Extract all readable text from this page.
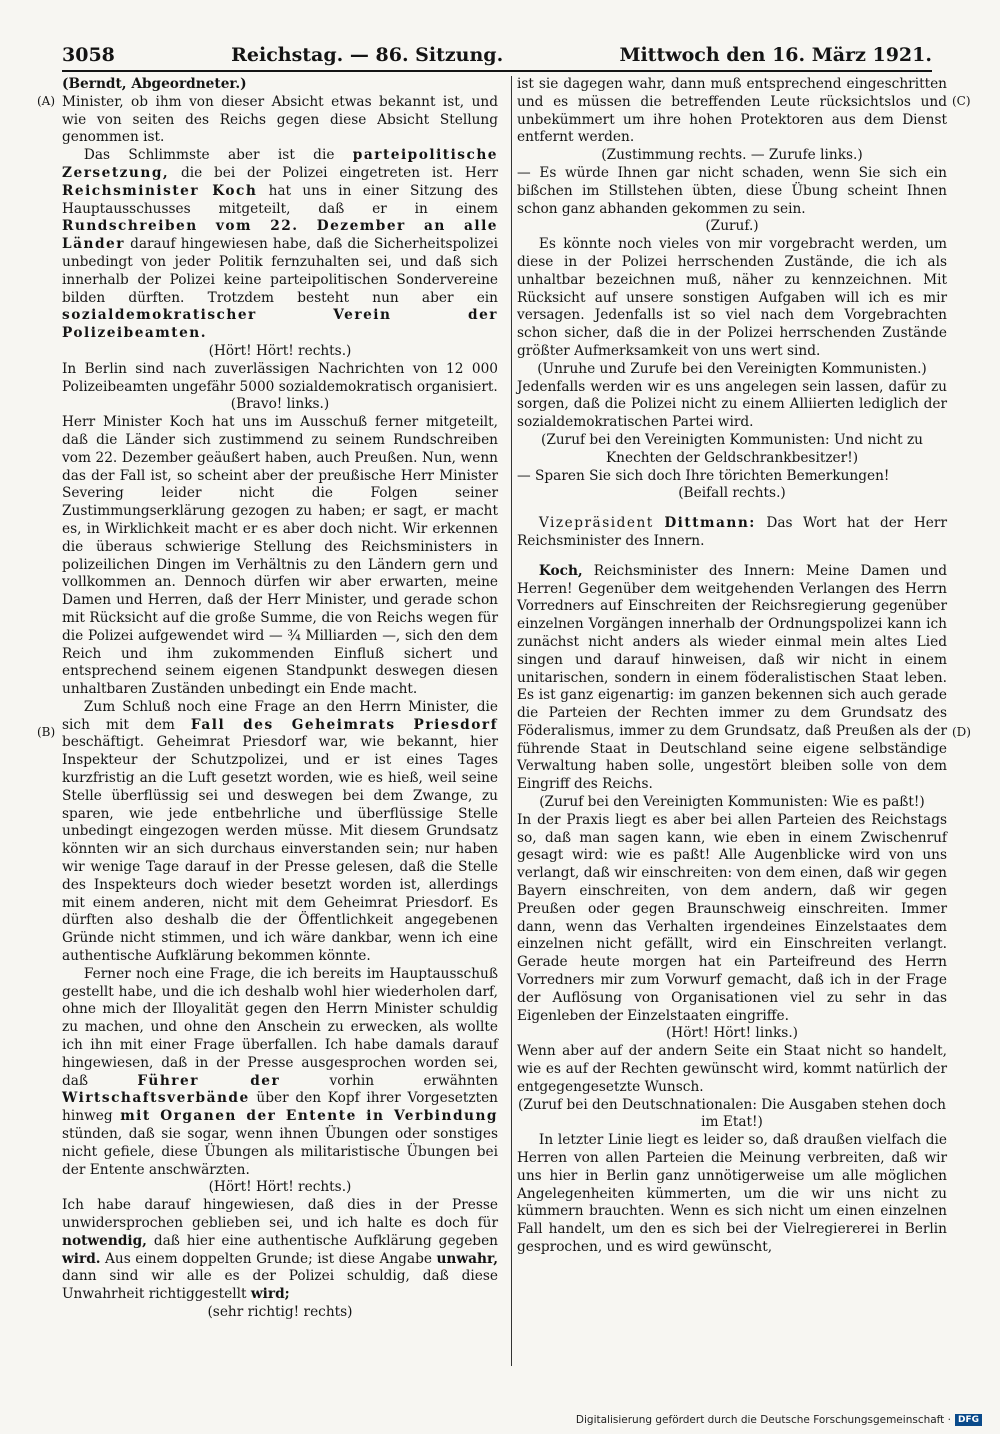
3058	Reichstag. — 86. Sitzung.	Mittwoch den 16. März 1921.
(A)
(B)
(C)
(D)

(Berndt, Abgeordneter.)

Minister, ob ihm von dieser Absicht etwas bekannt ist, und wie von seiten des Reichs gegen diese Absicht Stellung genommen ist.

Das Schlimmste aber ist die parteipolitische Zersetzung, die bei der Polizei eingetreten ist. Herr Reichsminister Koch hat uns in einer Sitzung des Hauptausschusses mitgeteilt, daß er in einem Rundschreiben vom 22. Dezember an alle Länder darauf hingewiesen habe, daß die Sicherheitspolizei unbedingt von jeder Politik fernzuhalten sei, und daß sich innerhalb der Polizei keine parteipolitischen Sondervereine bilden dürften. Trotzdem besteht nun aber ein sozialdemokratischer Verein der Polizeibeamten.

(Hört! Hört! rechts.)

In Berlin sind nach zuverlässigen Nachrichten von 12 000 Polizeibeamten ungefähr 5000 sozialdemokratisch organisiert.

(Bravo! links.)

Herr Minister Koch hat uns im Ausschuß ferner mitgeteilt, daß die Länder sich zustimmend zu seinem Rundschreiben vom 22. Dezember geäußert haben, auch Preußen. Nun, wenn das der Fall ist, so scheint aber der preußische Herr Minister Severing leider nicht die Folgen seiner Zustimmungserklärung gezogen zu haben; er sagt, er macht es, in Wirklichkeit macht er es aber doch nicht. Wir erkennen die überaus schwierige Stellung des Reichsministers in polizeilichen Dingen im Verhältnis zu den Ländern gern und vollkommen an. Dennoch dürfen wir aber erwarten, meine Damen und Herren, daß der Herr Minister, und gerade schon mit Rücksicht auf die große Summe, die von Reichs wegen für die Polizei aufgewendet wird — ¾ Milliarden —, sich den dem Reich und ihm zukommenden Einfluß sichert und entsprechend seinem eigenen Standpunkt deswegen diesen unhaltbaren Zuständen unbedingt ein Ende macht.

Zum Schluß noch eine Frage an den Herrn Minister, die sich mit dem Fall des Geheimrats Priesdorf beschäftigt. Geheimrat Priesdorf war, wie bekannt, hier Inspekteur der Schutzpolizei, und er ist eines Tages kurzfristig an die Luft gesetzt worden, wie es hieß, weil seine Stelle überflüssig sei und deswegen bei dem Zwange, zu sparen, wie jede entbehrliche und überflüssige Stelle unbedingt eingezogen werden müsse. Mit diesem Grundsatz könnten wir an sich durchaus einverstanden sein; nur haben wir wenige Tage darauf in der Presse gelesen, daß die Stelle des Inspekteurs doch wieder besetzt worden ist, allerdings mit einem anderen, nicht mit dem Geheimrat Priesdorf. Es dürften also deshalb die der Öffentlichkeit angegebenen Gründe nicht stimmen, und ich wäre dankbar, wenn ich eine authentische Aufklärung bekommen könnte.

Ferner noch eine Frage, die ich bereits im Hauptausschuß gestellt habe, und die ich deshalb wohl hier wiederholen darf, ohne mich der Illoyalität gegen den Herrn Minister schuldig zu machen, und ohne den Anschein zu erwecken, als wollte ich ihn mit einer Frage überfallen. Ich habe damals darauf hingewiesen, daß in der Presse ausgesprochen worden sei, daß	Führer der	vorhin erwähnten Wirtschaftsverbände über den Kopf ihrer Vorgesetzten hinweg mit Organen der Entente in Verbindung stünden, daß sie sogar, wenn ihnen Übungen oder sonstiges nicht gefiele, diese Übungen als militaristische Übungen bei der Entente anschwärzten.

(Hört! Hört! rechts.)

Ich habe darauf hingewiesen, daß dies in der Presse unwidersprochen geblieben sei, und ich halte es doch für notwendig, daß hier eine authentische Aufklärung gegeben wird. Aus einem doppelten Grunde; ist diese Angabe unwahr, dann sind wir alle es der Polizei schuldig, daß diese Unwahrheit richtiggestellt wird;

(sehr richtig! rechts)

ist sie dagegen wahr, dann muß entsprechend eingeschritten und es müssen die betreffenden Leute rücksichtslos und unbekümmert um ihre hohen Protektoren aus dem Dienst entfernt werden.

(Zustimmung rechts. — Zurufe links.)

— Es würde Ihnen gar nicht schaden, wenn Sie sich ein bißchen im Stillstehen übten, diese Übung scheint Ihnen schon ganz abhanden gekommen zu sein.

(Zuruf.)

Es könnte noch vieles von mir vorgebracht werden, um diese in der Polizei herrschenden Zustände, die ich als unhaltbar bezeichnen muß, näher zu kennzeichnen. Mit Rücksicht auf unsere sonstigen Aufgaben will ich es mir versagen. Jedenfalls ist so viel nach dem Vorgebrachten schon sicher, daß die in der Polizei herrschenden Zustände größter Aufmerksamkeit von uns wert sind.

(Unruhe und Zurufe bei den Vereinigten Kommunisten.)

Jedenfalls werden wir es uns angelegen sein lassen, dafür zu sorgen, daß die Polizei nicht zu einem Alliierten lediglich der sozialdemokratischen Partei wird.

(Zuruf bei den Vereinigten Kommunisten: Und nicht zu Knechten der Geldschrankbesitzer!)

— Sparen Sie sich doch Ihre törichten Bemerkungen!

(Beifall rechts.)

Vizepräsident Dittmann: Das Wort hat der Herr Reichsminister des Innern.

Koch, Reichsminister des Innern: Meine Damen und Herren! Gegenüber dem weitgehenden Verlangen des Herrn Vorredners auf Einschreiten der Reichsregierung gegenüber einzelnen Vorgängen innerhalb der Ordnungspolizei kann ich zunächst nicht anders als wieder einmal mein altes Lied singen und darauf hinweisen, daß wir nicht in einem unitarischen, sondern in einem föderalistischen Staat leben. Es ist ganz eigenartig: im ganzen bekennen sich auch gerade die Parteien der Rechten immer zu dem Grundsatz des Föderalismus, immer zu dem Grundsatz, daß Preußen als der führende Staat in Deutschland seine eigene selbständige Verwaltung haben solle, ungestört bleiben solle von dem Eingriff des Reichs.

(Zuruf bei den Vereinigten Kommunisten: Wie es paßt!)

In der Praxis liegt es aber bei allen Parteien des Reichstags so, daß man sagen kann, wie eben in einem Zwischenruf gesagt wird: wie es paßt! Alle Augenblicke wird von uns verlangt, daß wir einschreiten: von dem einen, daß wir gegen Bayern einschreiten, von dem andern, daß wir gegen Preußen oder gegen Braunschweig einschreiten. Immer dann, wenn das Verhalten irgendeines Einzelstaates dem einzelnen nicht gefällt, wird ein Einschreiten verlangt. Gerade heute morgen hat ein Parteifreund des Herrn Vorredners mir zum Vorwurf gemacht, daß ich in der Frage der Auflösung von Organisationen viel zu sehr in das Eigenleben der Einzelstaaten eingriffe.

(Hört! Hört! links.)

Wenn aber auf der andern Seite ein Staat nicht so handelt, wie es auf der Rechten gewünscht wird, kommt natürlich der entgegengesetzte Wunsch.

(Zuruf bei den Deutschnationalen: Die Ausgaben stehen doch im Etat!)

In letzter Linie liegt es leider so, daß draußen vielfach die Herren von allen Parteien die Meinung verbreiten, daß wir uns hier in Berlin ganz unnötigerweise um alle möglichen Angelegenheiten kümmerten, um die wir uns nicht zu kümmern brauchten. Wenn es sich nicht um einen einzelnen Fall handelt, um den es sich bei der Vielregiererei in Berlin gesprochen, und es wird gewünscht,

Digitalisierung gefördert durch die Deutsche Forschungsgemeinschaft · DFG
